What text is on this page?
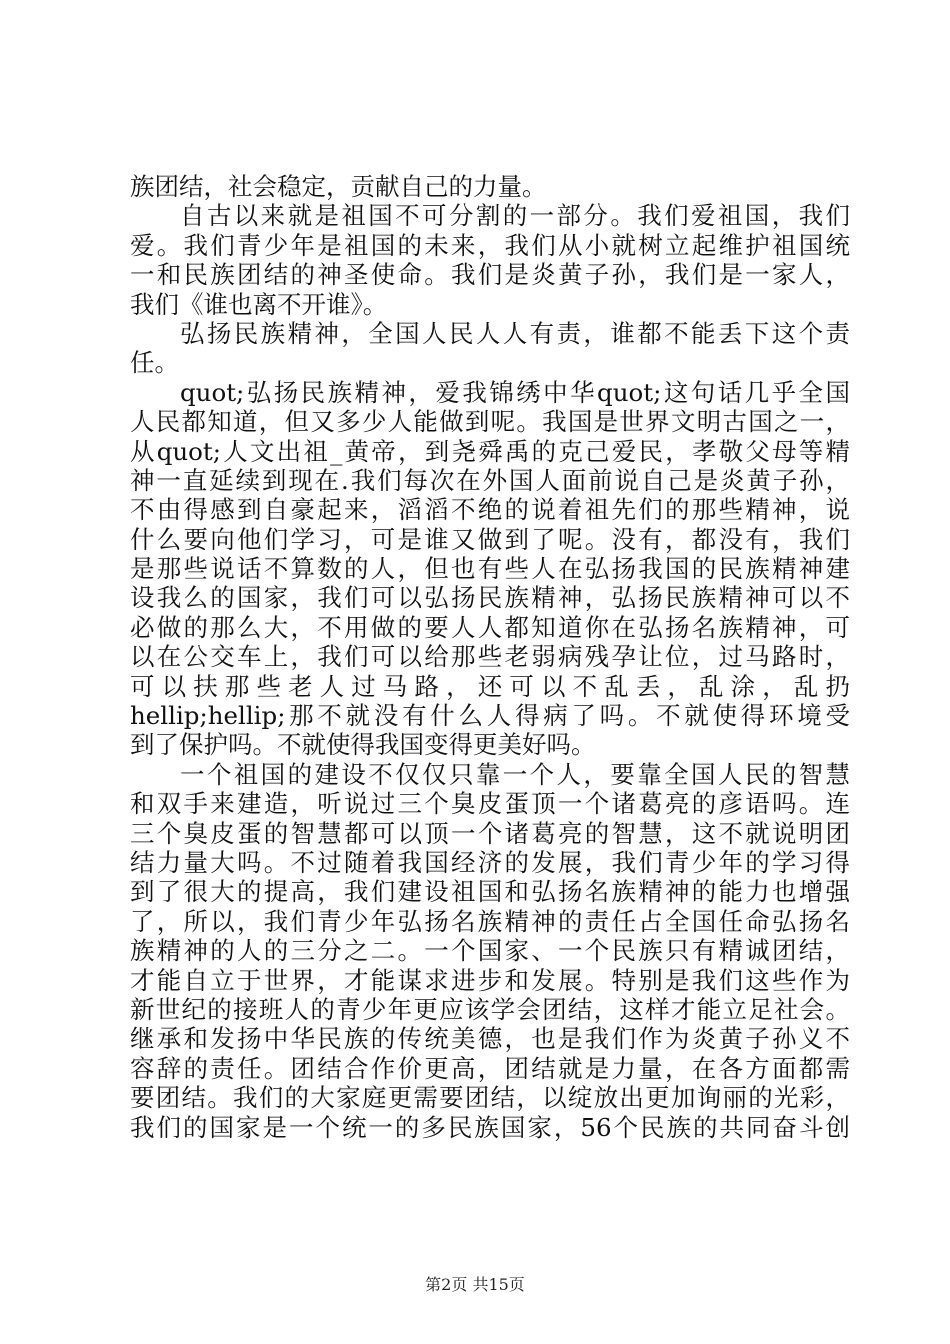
族团结，社会稳定，贡献自己的力量。
自古以来就是祖国不可分割的一部分。我们爱祖国，我们
爱。我们青少年是祖国的未来，我们从小就树立起维护祖国统
一和民族团结的神圣使命。我们是炎黄子孙，我们是一家人，
我们《谁也离不开谁》。
弘扬民族精神，全国人民人人有责，谁都不能丢下这个责
任。
quot;弘扬民族精神，爱我锦绣中华quot;这句话几乎全国
人民都知道，但又多少人能做到呢。我国是世界文明古国之一，
从quot;人文出祖_黄帝，到尧舜禹的克己爱民，孝敬父母等精
神一直延续到现在.我们每次在外国人面前说自己是炎黄子孙，
不由得感到自豪起来，滔滔不绝的说着祖先们的那些精神，说
什么要向他们学习，可是谁又做到了呢。没有，都没有，我们
是那些说话不算数的人，但也有些人在弘扬我国的民族精神建
设我么的国家，我们可以弘扬民族精神，弘扬民族精神可以不
必做的那么大，不用做的要人人都知道你在弘扬名族精神，可
以在公交车上，我们可以给那些老弱病残孕让位，过马路时，
可以扶那些老人过马路，还可以不乱丢，乱涂，乱扔
hellip;hellip;那不就没有什么人得病了吗。不就使得环境受
到了保护吗。不就使得我国变得更美好吗。
一个祖国的建设不仅仅只靠一个人，要靠全国人民的智慧
和双手来建造，听说过三个臭皮蛋顶一个诸葛亮的彦语吗。连
三个臭皮蛋的智慧都可以顶一个诸葛亮的智慧，这不就说明团
结力量大吗。不过随着我国经济的发展，我们青少年的学习得
到了很大的提高，我们建设祖国和弘扬名族精神的能力也增强
了，所以，我们青少年弘扬名族精神的责任占全国任命弘扬名
族精神的人的三分之二。一个国家、一个民族只有精诚团结，
才能自立于世界，才能谋求进步和发展。特别是我们这些作为
新世纪的接班人的青少年更应该学会团结，这样才能立足社会。
继承和发扬中华民族的传统美德，也是我们作为炎黄子孙义不
容辞的责任。团结合作价更高，团结就是力量，在各方面都需
要团结。我们的大家庭更需要团结，以绽放出更加询丽的光彩，
我们的国家是一个统一的多民族国家，56个民族的共同奋斗创
第2页 共15页
